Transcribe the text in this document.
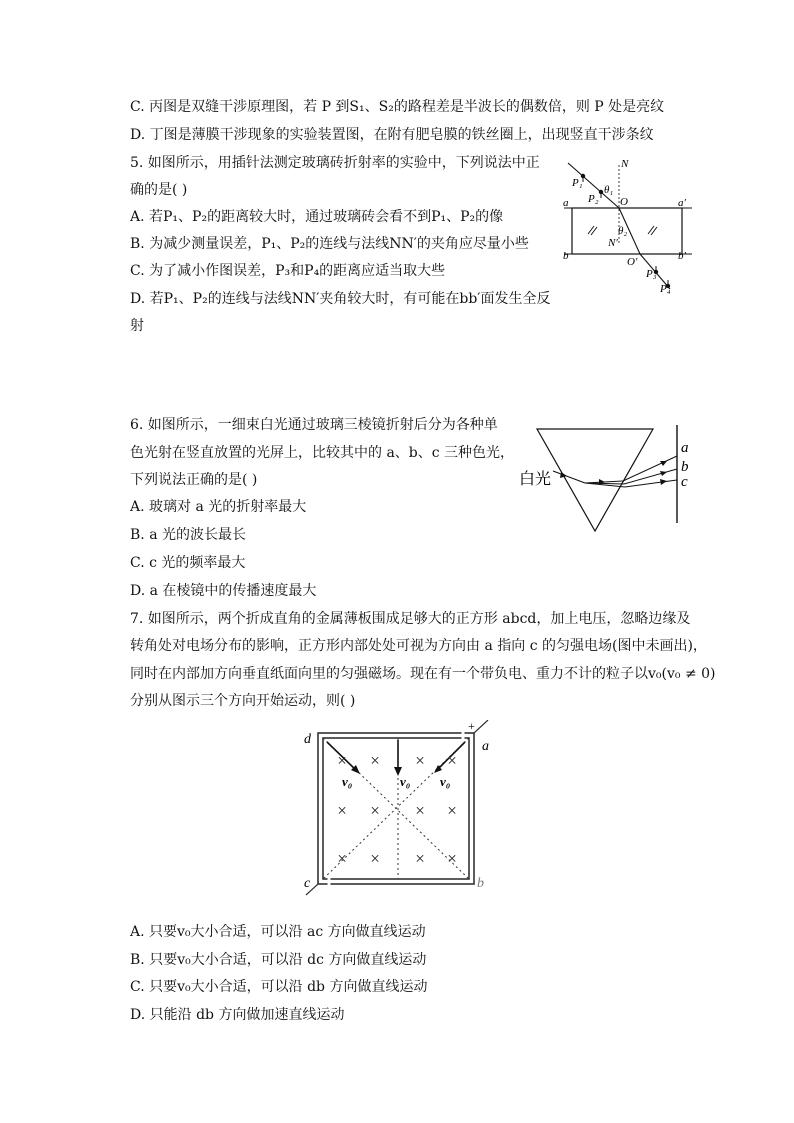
C. 丙图是双缝干涉原理图，若 P 到S₁、S₂的路程差是半波长的偶数倍，则 P 处是亮纹
D. 丁图是薄膜干涉现象的实验装置图，在附有肥皂膜的铁丝圈上，出现竖直干涉条纹
5. 如图所示，用插针法测定玻璃砖折射率的实验中，下列说法中正
确的是( )
A. 若P₁、P₂的距离较大时，通过玻璃砖会看不到P₁、P₂的像
B. 为减少测量误差，P₁、P₂的连线与法线NN′的夹角应尽量小些
C. 为了减小作图误差，P₃和P₄的距离应适当取大些
D. 若P₁、P₂的连线与法线NN′夹角较大时，有可能在bb′面发生全反
射
N
θ₁
O
θ₂
N′
O′
a	a′
b	b′
P₁
P₂
P₃
P₄
6. 如图所示，一细束白光通过玻璃三棱镜折射后分为各种单
色光射在竖直放置的光屏上，比较其中的 a、b、c 三种色光，
下列说法正确的是( )
A. 玻璃对 a 光的折射率最大
B. a 光的波长最长
C. c 光的频率最大
D. a 在棱镜中的传播速度最大
白光
a
b
c
7. 如图所示，两个折成直角的金属薄板围成足够大的正方形 abcd，加上电压，忽略边缘及
转角处对电场分布的影响，正方形内部处处可视为方向由 a 指向 c 的匀强电场(图中未画出)，
同时在内部加方向垂直纸面向里的匀强磁场。现在有一个带负电、重力不计的粒子以v₀(v₀ ≠ 0)
分别从图示三个方向开始运动，则( )
v₀	v₀ v₀
× × × ×
× × × ×
× × × ×
d	a
+
c	b
A. 只要v₀大小合适，可以沿 ac 方向做直线运动
B. 只要v₀大小合适，可以沿 dc 方向做直线运动
C. 只要v₀大小合适，可以沿 db 方向做直线运动
D. 只能沿 db 方向做加速直线运动
